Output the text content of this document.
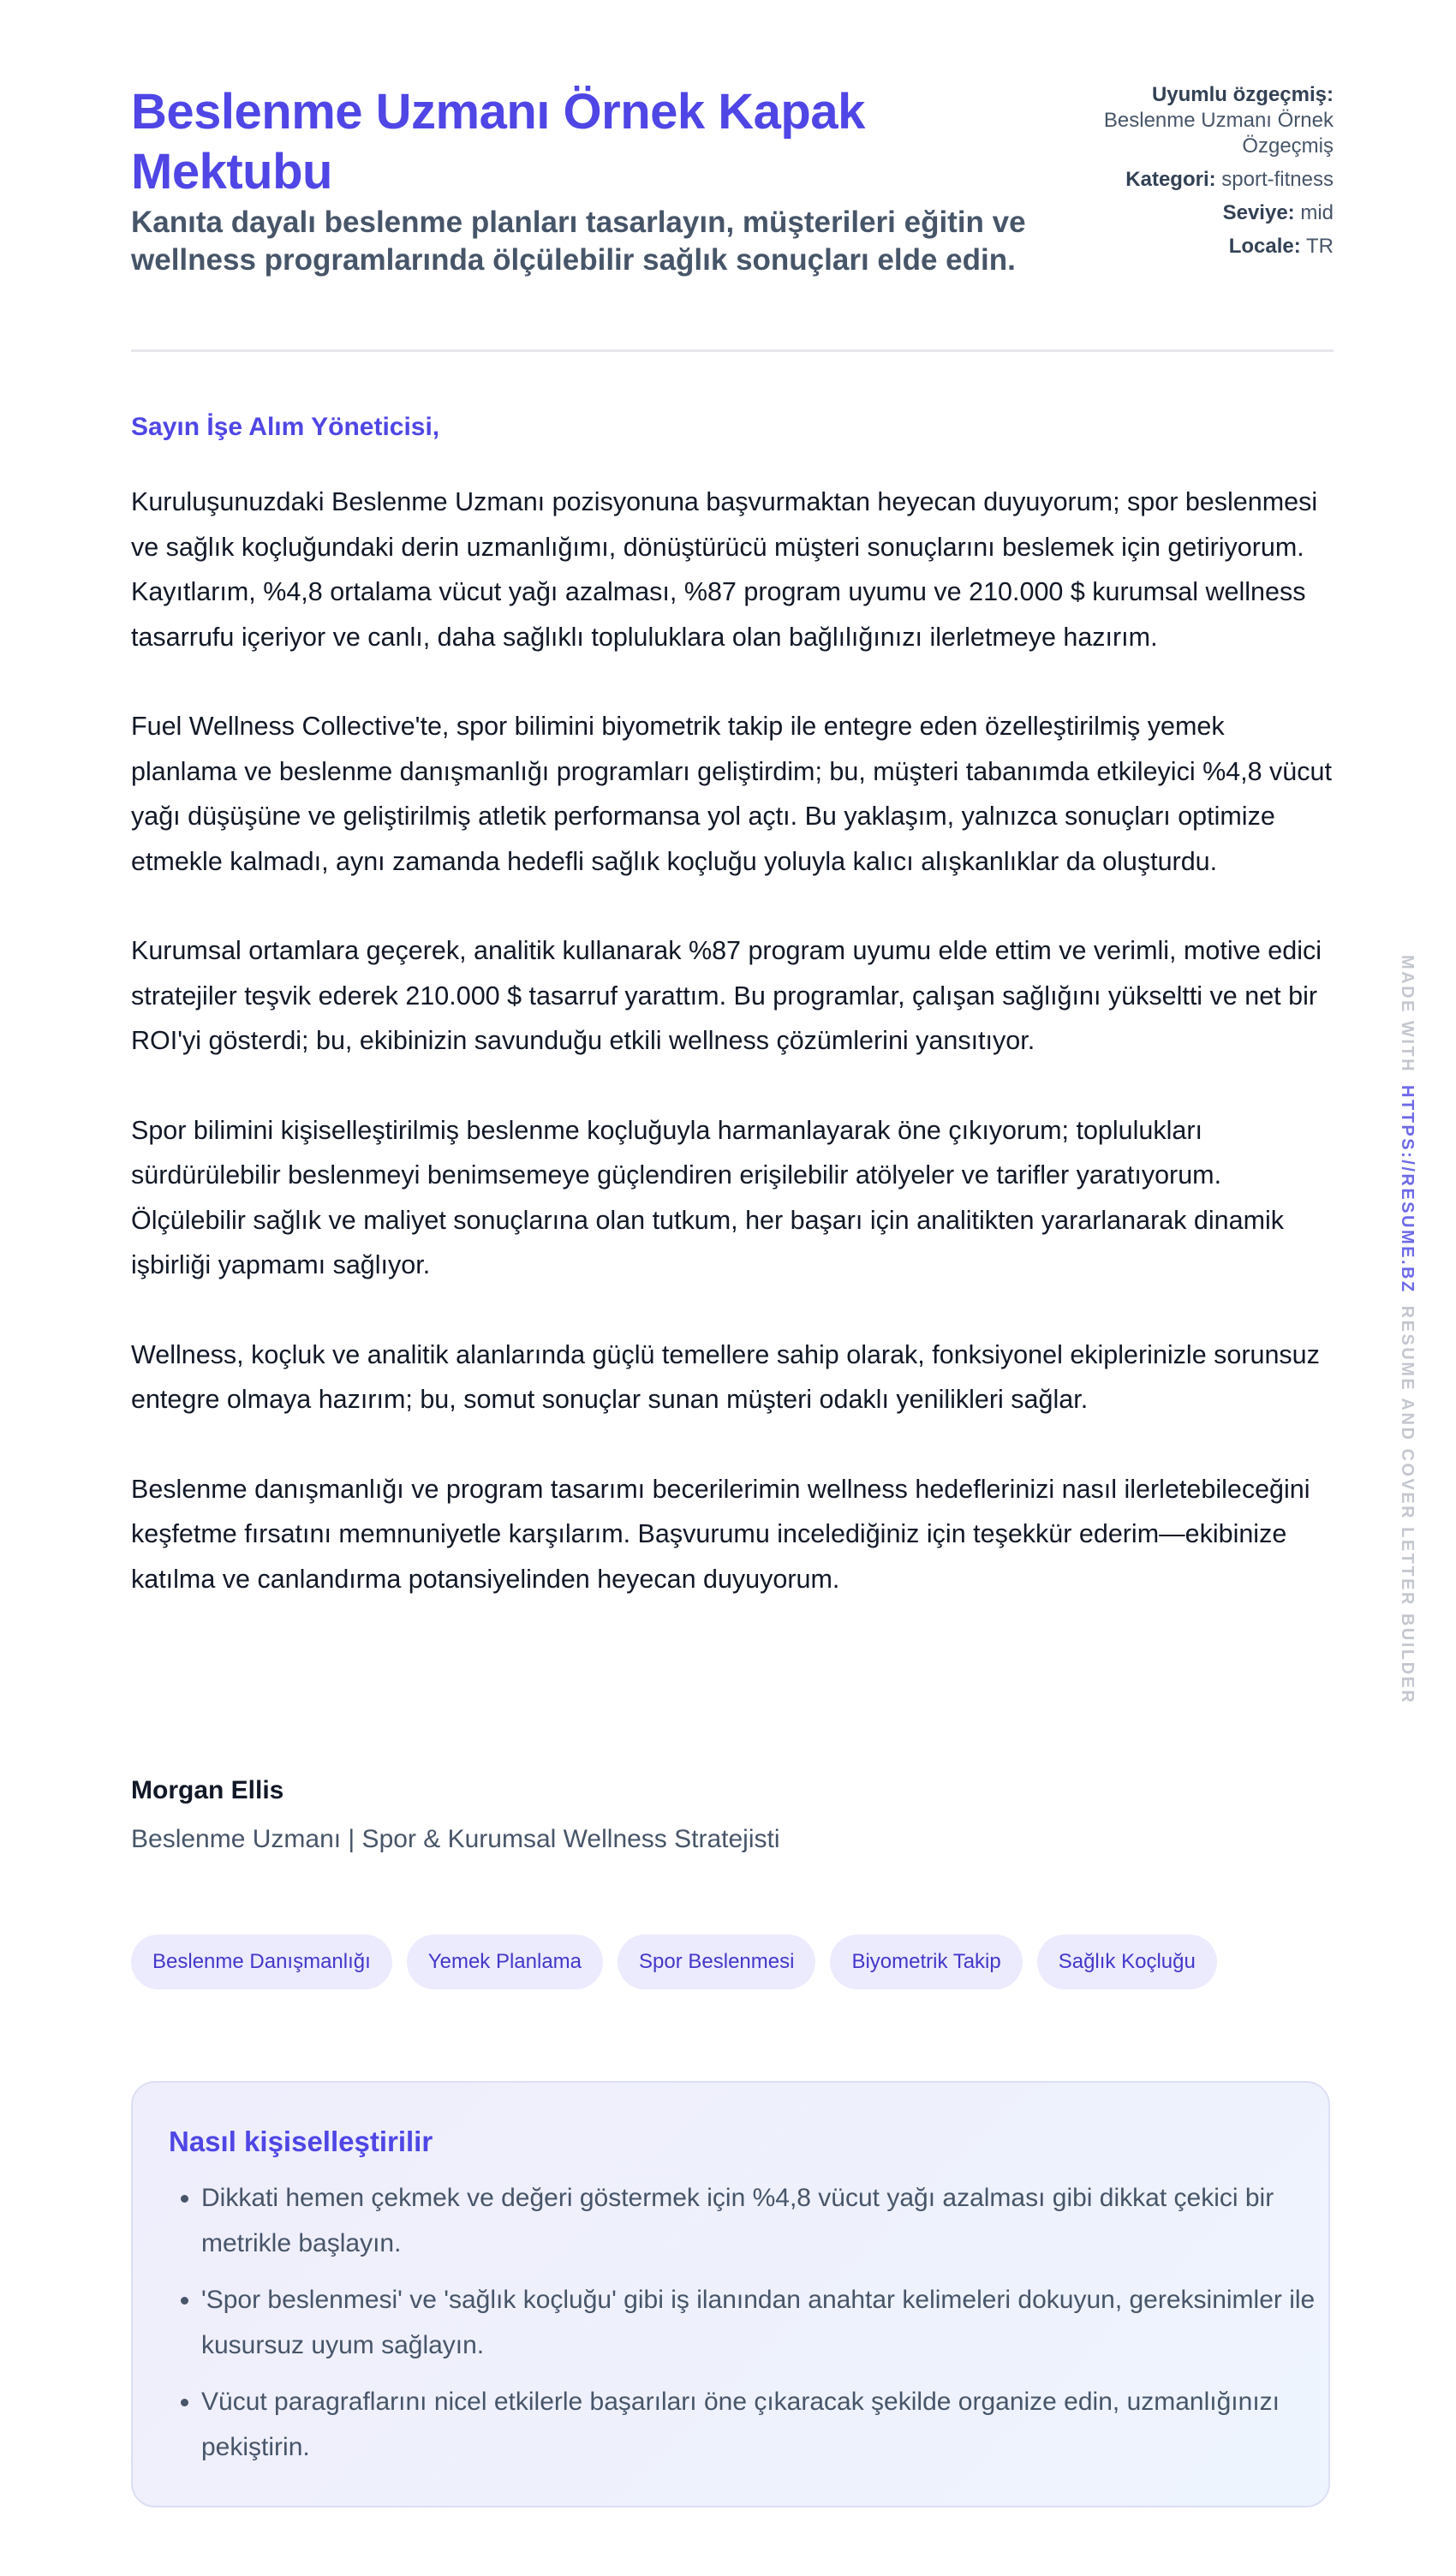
Beslenme Uzmanı Örnek Kapak Mektubu

Kanıta dayalı beslenme planları tasarlayın, müşterileri eğitin ve wellness programlarında ölçülebilir sağlık sonuçları elde edin.

Uyumlu özgeçmiş:
Beslenme Uzmanı Örnek Özgeçmiş
Kategori: sport-fitness
Seviye: mid
Locale: TR
Sayın İşe Alım Yöneticisi,

Kuruluşunuzdaki Beslenme Uzmanı pozisyonuna başvurmaktan heyecan duyuyorum; spor beslenmesi ve sağlık koçluğundaki derin uzmanlığımı, dönüştürücü müşteri sonuçlarını beslemek için getiriyorum. Kayıtlarım, %4,8 ortalama vücut yağı azalması, %87 program uyumu ve 210.000 $ kurumsal wellness tasarrufu içeriyor ve canlı, daha sağlıklı topluluklara olan bağlılığınızı ilerletmeye hazırım.

Fuel Wellness Collective'te, spor bilimini biyometrik takip ile entegre eden özelleştirilmiş yemek planlama ve beslenme danışmanlığı programları geliştirdim; bu, müşteri tabanımda etkileyici %4,8 vücut yağı düşüşüne ve geliştirilmiş atletik performansa yol açtı. Bu yaklaşım, yalnızca sonuçları optimize etmekle kalmadı, aynı zamanda hedefli sağlık koçluğu yoluyla kalıcı alışkanlıklar da oluşturdu.

Kurumsal ortamlara geçerek, analitik kullanarak %87 program uyumu elde ettim ve verimli, motive edici stratejiler teşvik ederek 210.000 $ tasarruf yarattım. Bu programlar, çalışan sağlığını yükseltti ve net bir ROI'yi gösterdi; bu, ekibinizin savunduğu etkili wellness çözümlerini yansıtıyor.

Spor bilimini kişiselleştirilmiş beslenme koçluğuyla harmanlayarak öne çıkıyorum; toplulukları sürdürülebilir beslenmeyi benimsemeye güçlendiren erişilebilir atölyeler ve tarifler yaratıyorum. Ölçülebilir sağlık ve maliyet sonuçlarına olan tutkum, her başarı için analitikten yararlanarak dinamik işbirliği yapmamı sağlıyor.

Wellness, koçluk ve analitik alanlarında güçlü temellere sahip olarak, fonksiyonel ekiplerinizle sorunsuz entegre olmaya hazırım; bu, somut sonuçlar sunan müşteri odaklı yenilikleri sağlar.

Beslenme danışmanlığı ve program tasarımı becerilerimin wellness hedeflerinizi nasıl ilerletebileceğini keşfetme fırsatını memnuniyetle karşılarım. Başvurumu incelediğiniz için teşekkür ederim—ekibinize katılma ve canlandırma potansiyelinden heyecan duyuyorum.

Morgan Ellis
Beslenme Uzmanı | Spor & Kurumsal Wellness Stratejisti
Beslenme Danışmanlığı	Yemek Planlama	Spor Beslenmesi	Biyometrik Takip	Sağlık Koçluğu
Nasıl kişiselleştirilir
• Dikkati hemen çekmek ve değeri göstermek için %4,8 vücut yağı azalması gibi dikkat çekici bir metrikle başlayın.
• 'Spor beslenmesi' ve 'sağlık koçluğu' gibi iş ilanından anahtar kelimeleri dokuyun, gereksinimler ile kusursuz uyum sağlayın.
• Vücut paragraflarını nicel etkilerle başarıları öne çıkaracak şekilde organize edin, uzmanlığınızı pekiştirin.
MADE WITHHTTPS://RESUME.BZRESUME AND COVER LETTER BUILDER
